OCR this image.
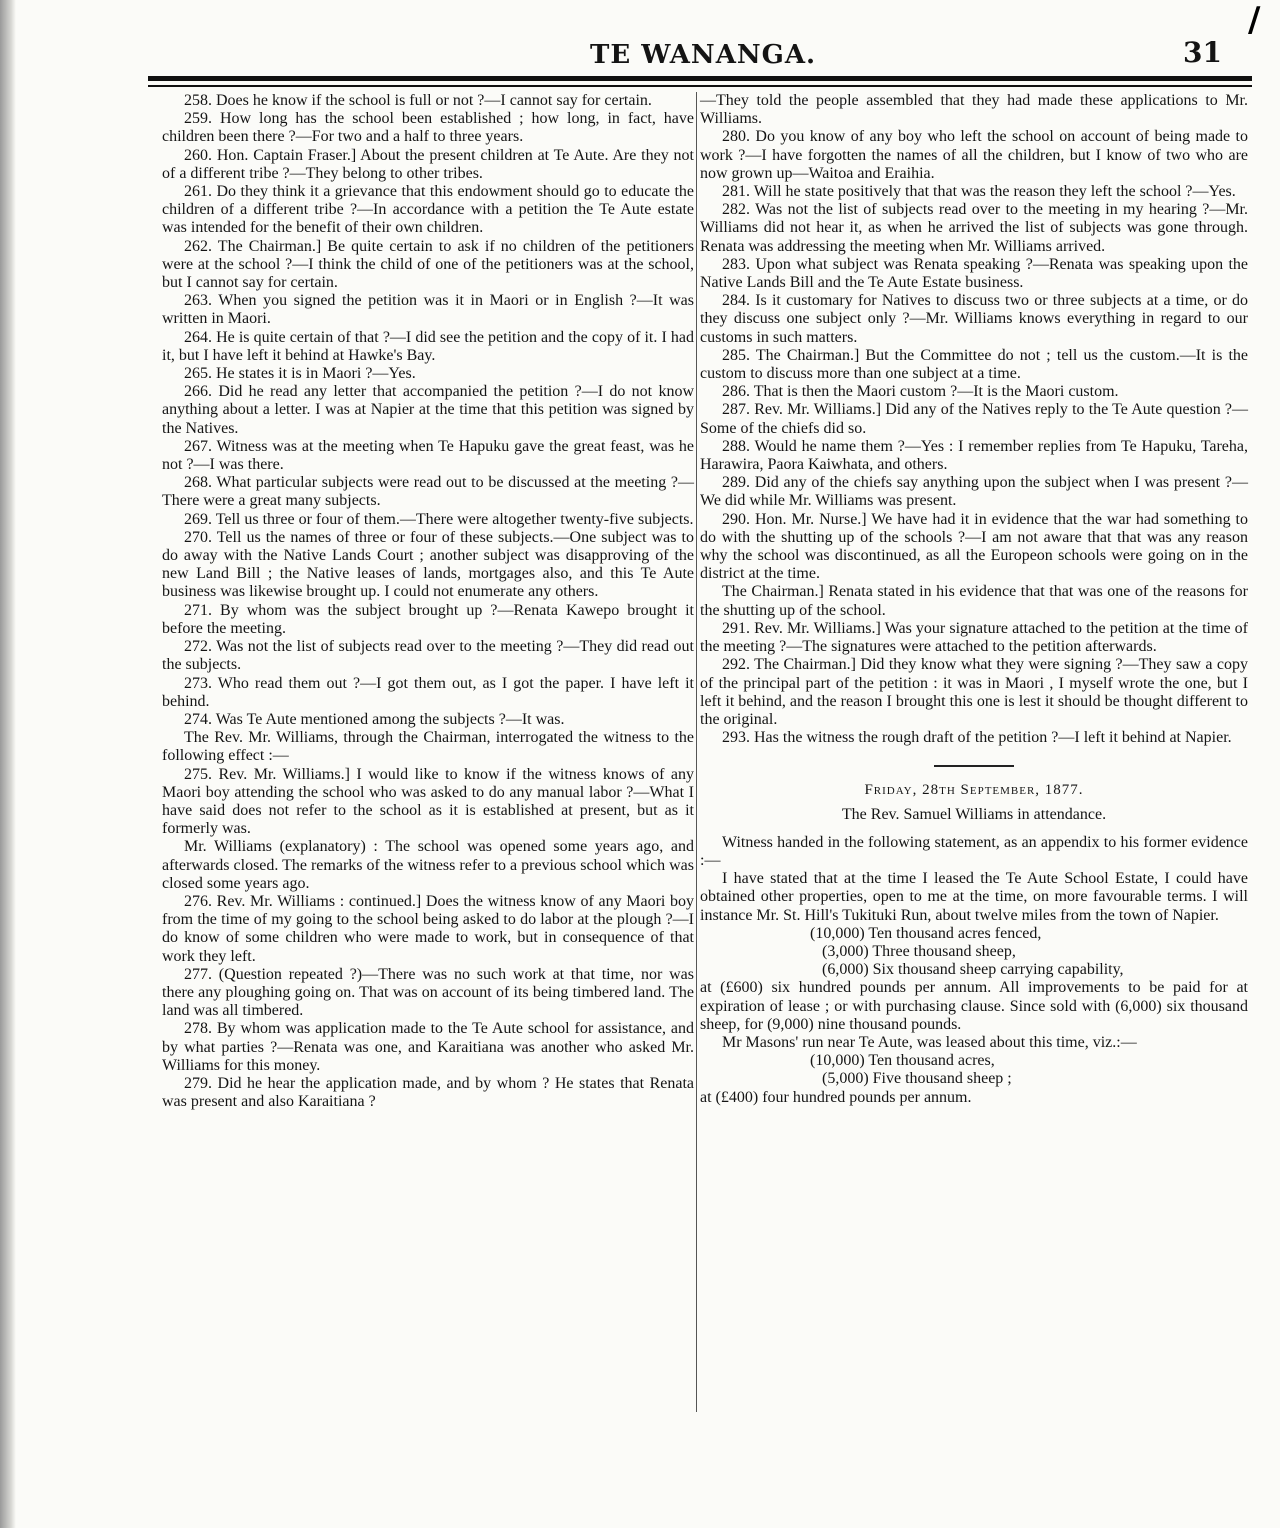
/
TE WANANGA.	31

258. Does he know if the school is full or not ?—I cannot say for certain.

259. How long has the school been established ; how long, in fact, have children been there ?—For two and a half to three years.

260. Hon. Captain Fraser.] About the present children at Te Aute. Are they not of a different tribe ?—They belong to other tribes.

261. Do they think it a grievance that this endowment should go to educate the children of a different tribe ?—In accordance with a petition the Te Aute estate was intended for the benefit of their own children.

262. The Chairman.] Be quite certain to ask if no children of the petitioners were at the school ?—I think the child of one of the petitioners was at the school, but I cannot say for certain.

263. When you signed the petition was it in Maori or in English ?—It was written in Maori.

264. He is quite certain of that ?—I did see the petition and the copy of it. I had it, but I have left it behind at Hawke's Bay.

265. He states it is in Maori ?—Yes.

266. Did he read any letter that accompanied the petition ?—I do not know anything about a letter. I was at Napier at the time that this petition was signed by the Natives.

267. Witness was at the meeting when Te Hapuku gave the great feast, was he not ?—I was there.

268. What particular subjects were read out to be discussed at the meeting ?—There were a great many subjects.

269. Tell us three or four of them.—There were altogether twenty-five subjects.

270. Tell us the names of three or four of these subjects.—One subject was to do away with the Native Lands Court ; another subject was disapproving of the new Land Bill ; the Native leases of lands, mortgages also, and this Te Aute business was likewise brought up. I could not enumerate any others.

271. By whom was the subject brought up ?—Renata Kawepo brought it before the meeting.

272. Was not the list of subjects read over to the meeting ?—They did read out the subjects.

273. Who read them out ?—I got them out, as I got the paper. I have left it behind.

274. Was Te Aute mentioned among the subjects ?—It was.

The Rev. Mr. Williams, through the Chairman, interrogated the witness to the following effect :—

275. Rev. Mr. Williams.] I would like to know if the witness knows of any Maori boy attending the school who was asked to do any manual labor ?—What I have said does not refer to the school as it is established at present, but as it formerly was.

Mr. Williams (explanatory) : The school was opened some years ago, and afterwards closed. The remarks of the witness refer to a previous school which was closed some years ago.

276. Rev. Mr. Williams : continued.] Does the witness know of any Maori boy from the time of my going to the school being asked to do labor at the plough ?—I do know of some children who were made to work, but in consequence of that work they left.

277. (Question repeated ?)—There was no such work at that time, nor was there any ploughing going on. That was on account of its being timbered land. The land was all timbered.

278. By whom was application made to the Te Aute school for assistance, and by what parties ?—Renata was one, and Karaitiana was another who asked Mr. Williams for this money.

279. Did he hear the application made, and by whom ? He states that Renata was present and also Karaitiana ?

—They told the people assembled that they had made these applications to Mr. Williams.

280. Do you know of any boy who left the school on account of being made to work ?—I have forgotten the names of all the children, but I know of two who are now grown up—Waitoa and Eraihia.

281. Will he state positively that that was the reason they left the school ?—Yes.

282. Was not the list of subjects read over to the meeting in my hearing ?—Mr. Williams did not hear it, as when he arrived the list of subjects was gone through. Renata was addressing the meeting when Mr. Williams arrived.

283. Upon what subject was Renata speaking ?—Renata was speaking upon the Native Lands Bill and the Te Aute Estate business.

284. Is it customary for Natives to discuss two or three subjects at a time, or do they discuss one subject only ?—Mr. Williams knows everything in regard to our customs in such matters.

285. The Chairman.] But the Committee do not ; tell us the custom.—It is the custom to discuss more than one subject at a time.

286. That is then the Maori custom ?—It is the Maori custom.

287. Rev. Mr. Williams.] Did any of the Natives reply to the Te Aute question ?—Some of the chiefs did so.

288. Would he name them ?—Yes : I remember replies from Te Hapuku, Tareha, Harawira, Paora Kaiwhata, and others.

289. Did any of the chiefs say anything upon the subject when I was present ?—We did while Mr. Williams was present.

290. Hon. Mr. Nurse.] We have had it in evidence that the war had something to do with the shutting up of the schools ?—I am not aware that that was any reason why the school was discontinued, as all the Europeon schools were going on in the district at the time.

The Chairman.] Renata stated in his evidence that that was one of the reasons for the shutting up of the school.

291. Rev. Mr. Williams.] Was your signature attached to the petition at the time of the meeting ?—The signatures were attached to the petition afterwards.

292. The Chairman.] Did they know what they were signing ?—They saw a copy of the principal part of the petition : it was in Maori , I myself wrote the one, but I left it behind, and the reason I brought this one is lest it should be thought different to the original.

293. Has the witness the rough draft of the petition ?—I left it behind at Napier.

Friday, 28th September, 1877.
The Rev. Samuel Williams in attendance.

Witness handed in the following statement, as an appendix to his former evidence :—

I have stated that at the time I leased the Te Aute School Estate, I could have obtained other properties, open to me at the time, on more favourable terms. I will instance Mr. St. Hill's Tukituki Run, about twelve miles from the town of Napier.

(10,000) Ten thousand acres fenced,

(3,000) Three thousand sheep,

(6,000) Six thousand sheep carrying capability,

at (£600) six hundred pounds per annum. All improvements to be paid for at expiration of lease ; or with purchasing clause. Since sold with (6,000) six thousand sheep, for (9,000) nine thousand pounds.

Mr Masons' run near Te Aute, was leased about this time, viz.:—

(10,000) Ten thousand acres,

(5,000) Five thousand sheep ;

at (£400) four hundred pounds per annum.
